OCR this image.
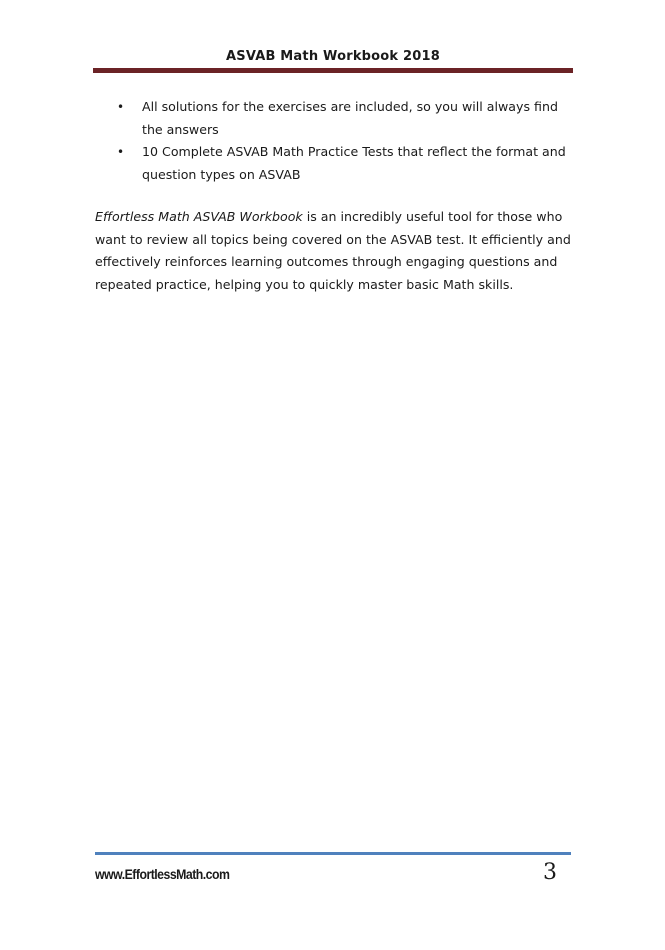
ASVAB Math Workbook 2018
• All solutions for the exercises are included, so you will always find the answers
• 10 Complete ASVAB Math Practice Tests that reflect the format and question types on ASVAB

Effortless Math ASVAB Workbook is an incredibly useful tool for those who want to review all topics being covered on the ASVAB test. It efficiently and effectively reinforces learning outcomes through engaging questions and repeated practice, helping you to quickly master basic Math skills.

www.EffortlessMath.com	3
